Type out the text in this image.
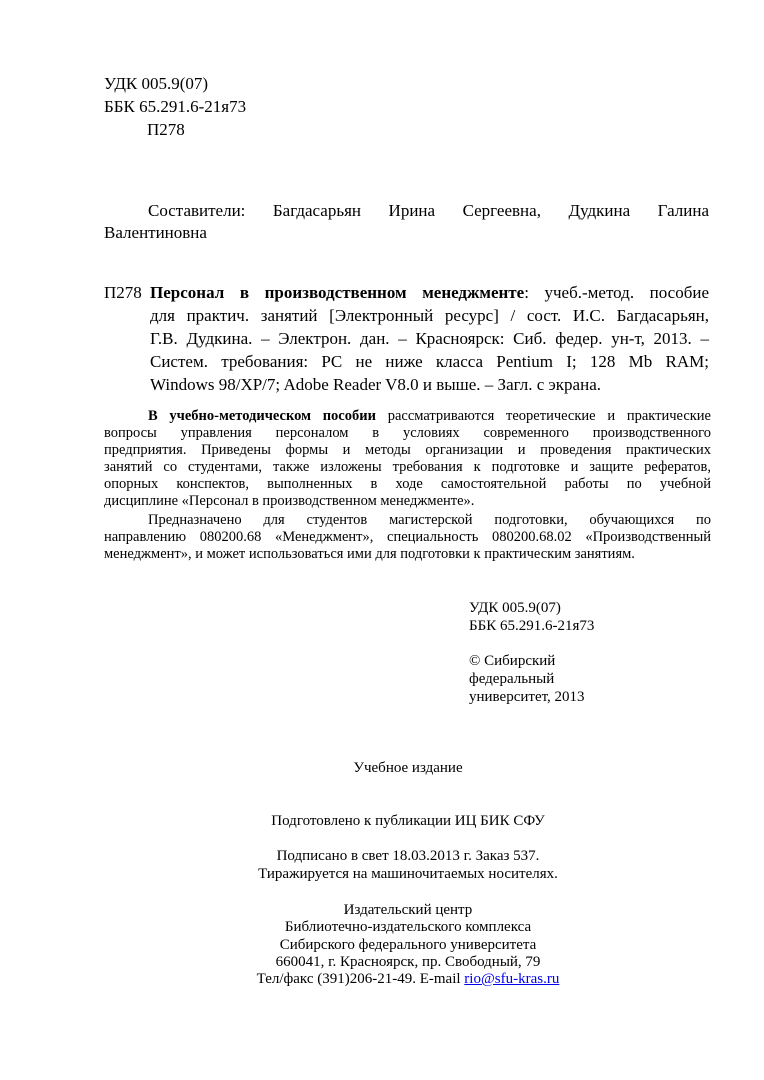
УДК 005.9(07)
ББК 65.291.6-21я73
П278
Составители: Багдасарьян Ирина Сергеевна, Дудкина Галина
Валентиновна
П278 Персонал в производственном менеджменте: учеб.-метод. пособие
для практич. занятий [Электронный ресурс] / сост. И.С. Багдасарьян,
Г.В. Дудкина. – Электрон. дан. – Красноярск: Сиб. федер. ун-т, 2013. –
Систем. требования: PC не ниже класса Pentium I; 128 Mb RAM;
Windows 98/XP/7; Adobe Reader V8.0 и выше. – Загл. с экрана.
В учебно-методическом пособии рассматриваются теоретические и практические
вопросы управления персоналом в условиях современного производственного
предприятия. Приведены формы и методы организации и проведения практических
занятий со студентами, также изложены требования к подготовке и защите рефератов,
опорных конспектов, выполненных в ходе самостоятельной работы по учебной
дисциплине «Персонал в производственном менеджменте».
Предназначено для студентов магистерской подготовки, обучающихся по
направлению 080200.68 «Менеджмент», специальность 080200.68.02 «Производственный
менеджмент», и может использоваться ими для подготовки к практическим занятиям.
УДК 005.9(07)
ББК 65.291.6-21я73
© Сибирский
федеральный
университет, 2013
Учебное издание
Подготовлено к публикации ИЦ БИК СФУ
Подписано в свет 18.03.2013 г. Заказ 537.
Тиражируется на машиночитаемых носителях.
Издательский центр
Библиотечно-издательского комплекса
Сибирского федерального университета
660041, г. Красноярск, пр. Свободный, 79
Тел/факс (391)206-21-49. E-mail rio@sfu-kras.ru
